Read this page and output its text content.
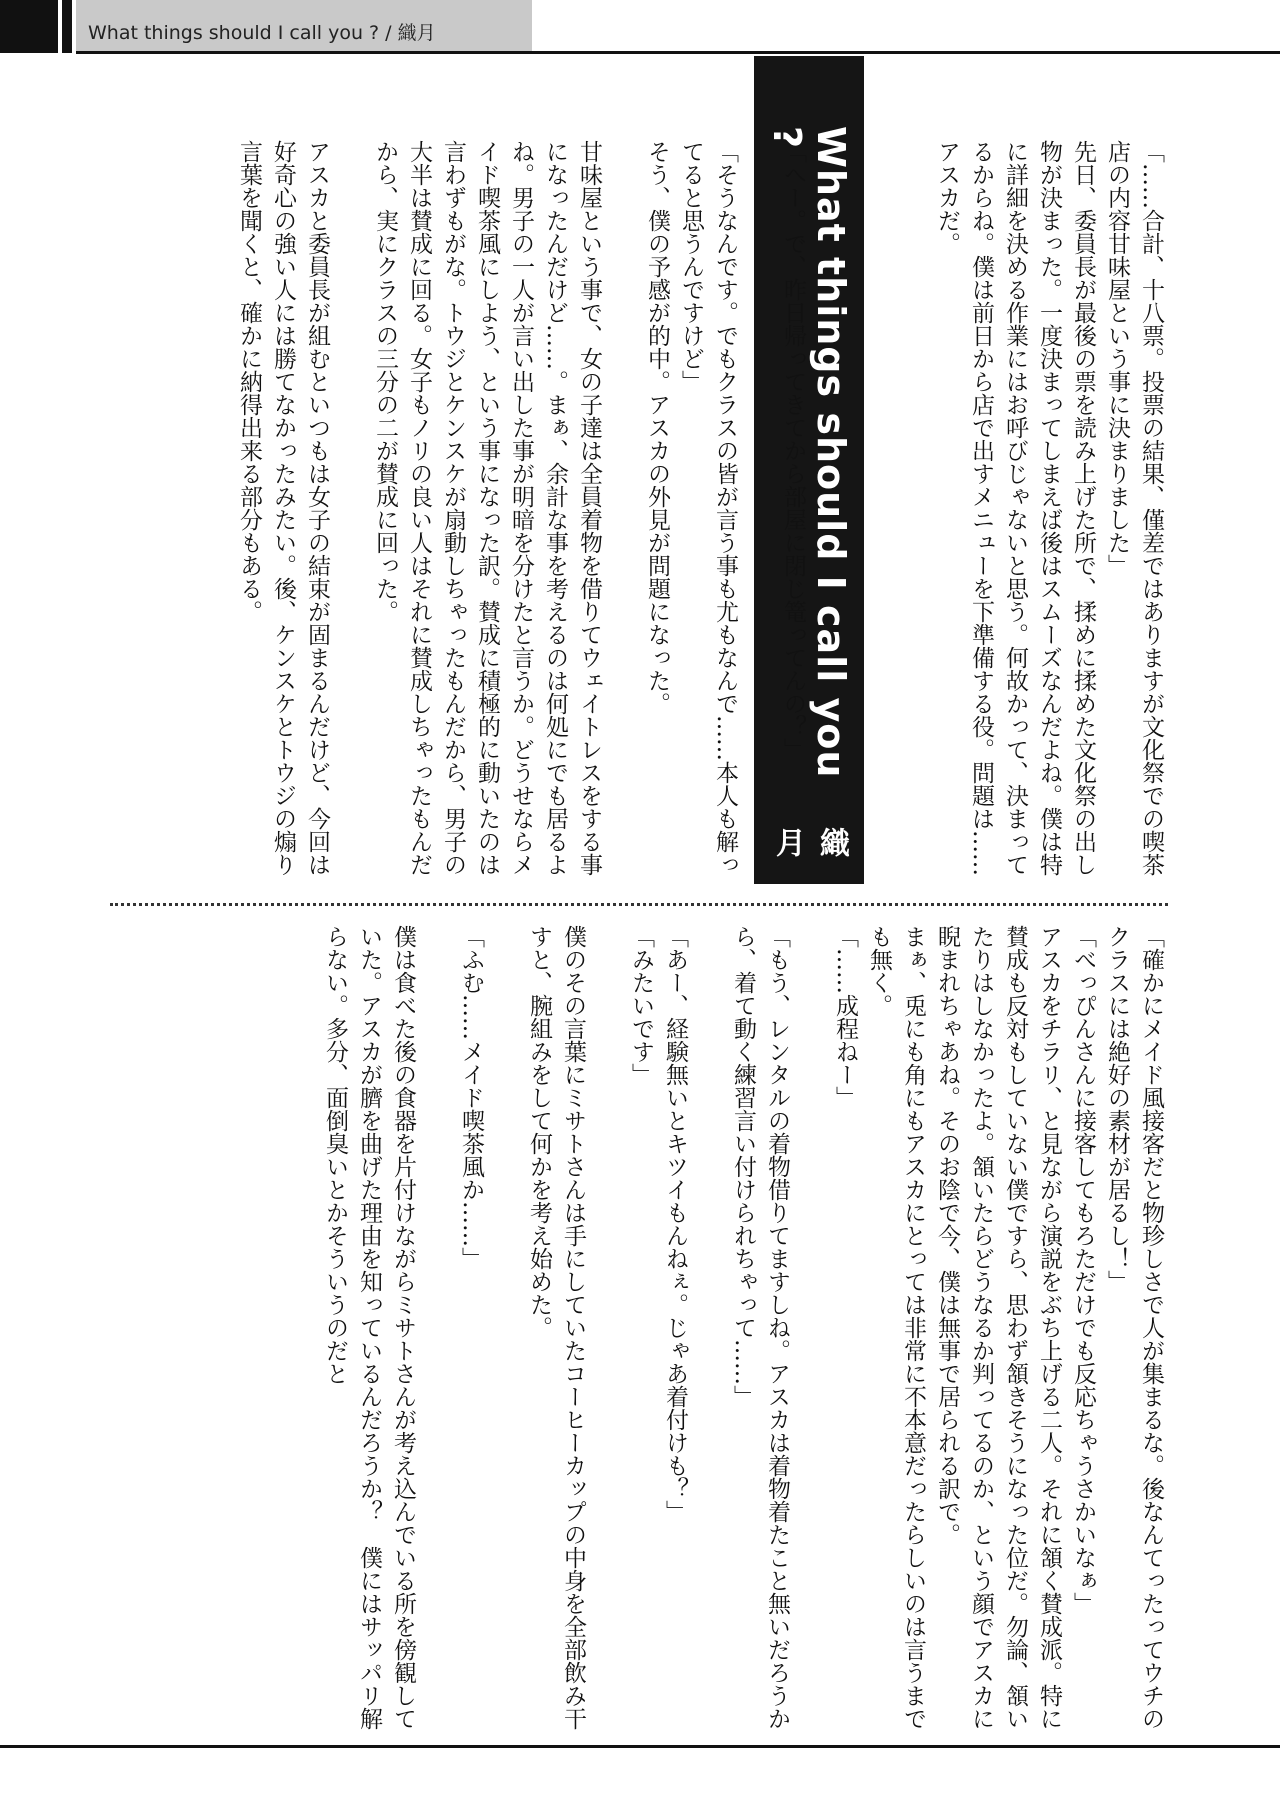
What things should I call you ? / 織月
What things should I call you ?
織月	「……合計、十八票。投票の結果、僅差ではありますが文化祭での喫茶店の内容甘味屋という事に決まりました」

先日、委員長が最後の票を読み上げた所で、揉めに揉めた文化祭の出し物が決まった。一度決まってしまえば後はスムーズなんだよね。僕は特に詳細を決める作業にはお呼びじゃないと思う。何故かって、決まってるからね。僕は前日から店で出すメニューを下準備する役。問題は……アスカだ。

「へー。で、昨日帰ってきてから部屋に閉じ篭ってんの？」

「そうなんです。でもクラスの皆が言う事も尤もなんで……本人も解ってると思うんですけど」

そう、僕の予感が的中。アスカの外見が問題になった。

甘味屋という事で、女の子達は全員着物を借りてウェイトレスをする事になったんだけど……。まぁ、余計な事を考えるのは何処にでも居るよね。男子の一人が言い出した事が明暗を分けたと言うか。どうせならメイド喫茶風にしよう、という事になった訳。賛成に積極的に動いたのは言わずもがな。トウジとケンスケが扇動しちゃったもんだから、男子の大半は賛成に回る。女子もノリの良い人はそれに賛成しちゃったもんだから、実にクラスの三分の二が賛成に回った。

アスカと委員長が組むといつもは女子の結束が固まるんだけど、今回は好奇心の強い人には勝てなかったみたい。後、ケンスケとトウジの煽り言葉を聞くと、確かに納得出来る部分もある。

「確かにメイド風接客だと物珍しさで人が集まるな。後なんてったってウチのクラスには絶好の素材が居るし！」

「べっぴんさんに接客してもろただけでも反応ちゃうさかいなぁ」

アスカをチラリ、と見ながら演説をぶち上げる二人。それに頷く賛成派。特に賛成も反対もしていない僕ですら、思わず頷きそうになった位だ。勿論、頷いたりはしなかったよ。頷いたらどうなるか判ってるのか、という顔でアスカに睨まれちゃあね。そのお陰で今、僕は無事で居られる訳で。

まぁ、兎にも角にもアスカにとっては非常に不本意だったらしいのは言うまでも無く。

「……成程ねー」

「もう、レンタルの着物借りてますしね。アスカは着物着たこと無いだろうから、着て動く練習言い付けられちゃって……」

「あー、経験無いとキツイもんねぇ。じゃあ着付けも？」

「みたいです」

僕のその言葉にミサトさんは手にしていたコーヒーカップの中身を全部飲み干すと、腕組みをして何かを考え始めた。

「ふむ……メイド喫茶風か……」

僕は食べた後の食器を片付けながらミサトさんが考え込んでいる所を傍観していた。アスカが臍を曲げた理由を知っているんだろうか？　僕にはサッパリ解らない。多分、面倒臭いとかそういうのだと
